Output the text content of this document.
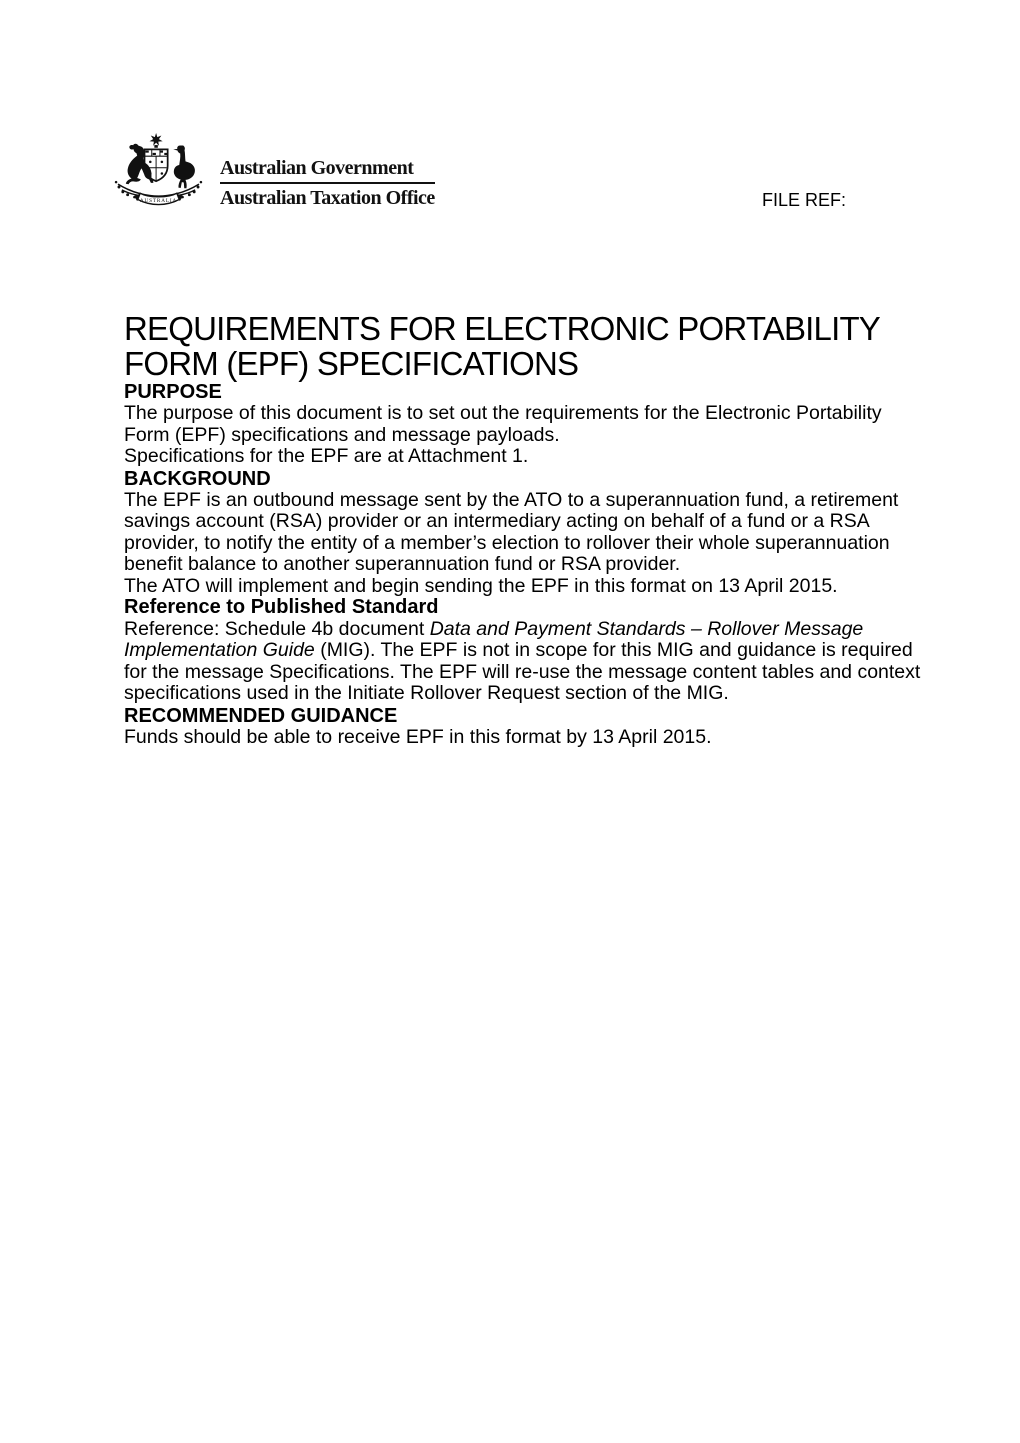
AUSTRALIA
Australian Government
Australian Taxation Office	FILE REF:
REQUIREMENTS FOR ELECTRONIC PORTABILITY FORM (EPF) SPECIFICATIONS
PURPOSE

The purpose of this document is to set out the requirements for the Electronic Portability Form (EPF) specifications and message payloads.

Specifications for the EPF are at Attachment 1.

BACKGROUND

The EPF is an outbound message sent by the ATO to a superannuation fund, a retirement savings account (RSA) provider or an intermediary acting on behalf of a fund or a RSA provider, to notify the entity of a member’s election to rollover their whole superannuation benefit balance to another superannuation fund or RSA provider.

The ATO will implement and begin sending the EPF in this format on 13 April 2015.

Reference to Published Standard

Reference: Schedule 4b document Data and Payment Standards – Rollover Message Implementation Guide (MIG). The EPF is not in scope for this MIG and guidance is required for the message Specifications. The EPF will re-use the message content tables and context specifications used in the Initiate Rollover Request section of the MIG.

RECOMMENDED GUIDANCE

Funds should be able to receive EPF in this format by 13 April 2015.
